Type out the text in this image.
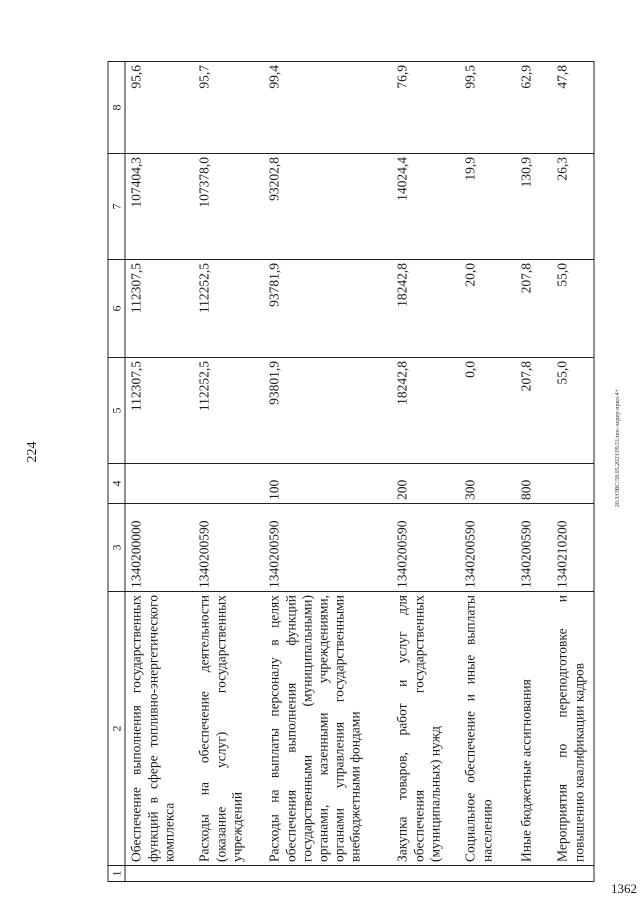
224	20.3/OBC/58.05.2023/09.51/пос-ходер-прил-4+
1362
1	2	3	4	5	6	7	8
	Обеспечение выполнения государственных функций в сфере топливно-энергетического комплекса	1340200000		112307,5	112307,5	107404,3	95,6
	Расходы на обеспечение деятельности (оказание услуг) государственных учреждений	1340200590		112252,5	112252,5	107378,0	95,7
	Расходы на выплаты персоналу в целях обеспечения выполнения функций государственными (муниципальными) органами, казенными учреждениями, органами управления государственными внебюджетными фондами	1340200590	100	93801,9	93781,9	93202,8	99,4
	Закупка товаров, работ и услуг для обеспечения государственных (муниципальных) нужд	1340200590	200	18242,8	18242,8	14024,4	76,9
	Социальное обеспечение и иные выплаты населению	1340200590	300	0,0	20,0	19,9	99,5
	Иные бюджетные ассигнования	1340200590	800	207,8	207,8	130,9	62,9
	Мероприятия по переподготовке и повышению квалификации кадров	1340210200		55,0	55,0	26,3	47,8
